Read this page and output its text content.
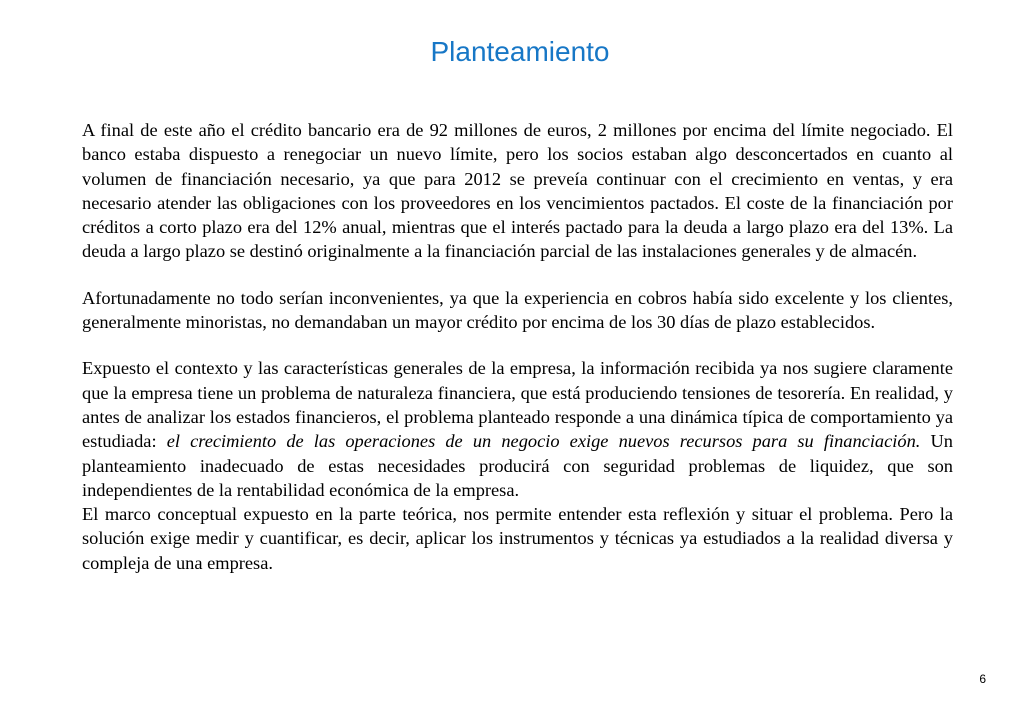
Planteamiento

A final de este año el crédito bancario era de 92 millones de euros, 2 millones por encima del límite negociado. El banco estaba dispuesto a renegociar un nuevo límite, pero los socios estaban algo desconcertados en cuanto al volumen de financiación necesario, ya que para 2012 se preveía continuar con el crecimiento en ventas, y era necesario atender las obligaciones con los proveedores en los vencimientos pactados. El coste de la financiación por créditos a corto plazo era del 12% anual, mientras que el interés pactado para la deuda a largo plazo era del 13%. La deuda a largo plazo se destinó originalmente a la financiación parcial de las instalaciones generales y de almacén.

Afortunadamente no todo serían inconvenientes, ya que la experiencia en cobros había sido excelente y los clientes, generalmente minoristas, no demandaban un mayor crédito por encima de los 30 días de plazo establecidos.

Expuesto el contexto y las características generales de la empresa, la información recibida ya nos sugiere claramente que la empresa tiene un problema de naturaleza financiera, que está produciendo tensiones de tesorería. En realidad, y antes de analizar los estados financieros, el problema planteado responde a una dinámica típica de comportamiento ya estudiada: el crecimiento de las operaciones de un negocio exige nuevos recursos para su financiación. Un planteamiento inadecuado de estas necesidades producirá con seguridad problemas de liquidez, que son independientes de la rentabilidad económica de la empresa.

El marco conceptual expuesto en la parte teórica, nos permite entender esta reflexión y situar el problema. Pero la solución exige medir y cuantificar, es decir, aplicar los instrumentos y técnicas ya estudiados a la realidad diversa y compleja de una empresa.

6
